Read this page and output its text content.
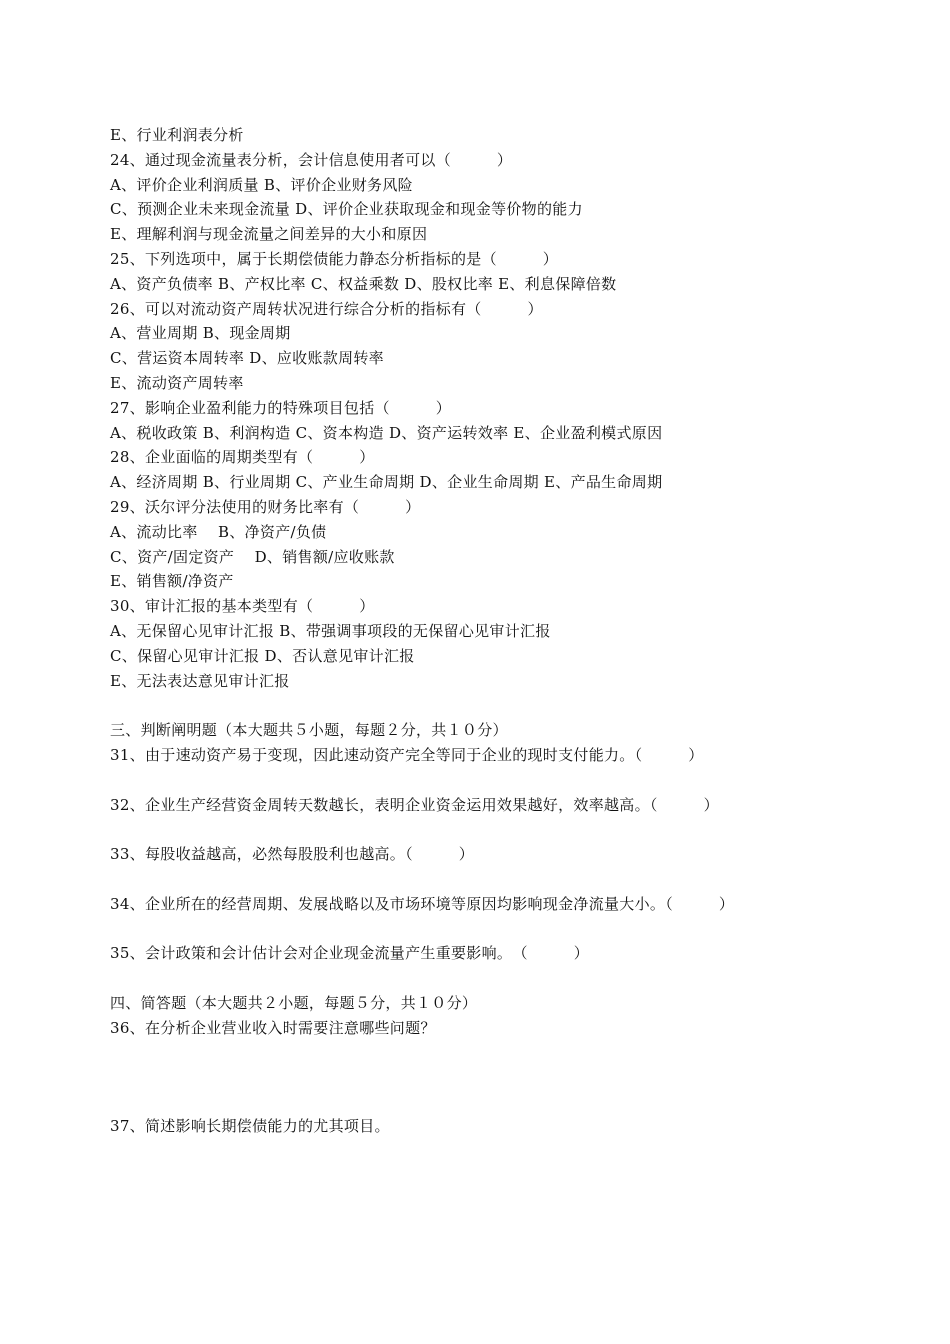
E、行业利润表分析
24、通过现金流量表分析，会计信息使用者可以（　　　）
A、评价企业利润质量 B、评价企业财务风险
C、预测企业未来现金流量 D、评价企业获取现金和现金等价物的能力
E、理解利润与现金流量之间差异的大小和原因
25、下列选项中，属于长期偿债能力静态分析指标的是（　　　）
A、资产负债率 B、产权比率 C、权益乘数 D、股权比率 E、利息保障倍数
26、可以对流动资产周转状况进行综合分析的指标有（　　　）
A、营业周期 B、现金周期
C、营运资本周转率 D、应收账款周转率
E、流动资产周转率
27、影响企业盈利能力的特殊项目包括（　　　）
A、税收政策 B、利润构造 C、资本构造 D、资产运转效率 E、企业盈利模式原因
28、企业面临的周期类型有（　　　）
A、经济周期 B、行业周期 C、产业生命周期 D、企业生命周期 E、产品生命周期
29、沃尔评分法使用的财务比率有（　　　）
A、流动比率　 B、净资产/负债
C、资产/固定资产　 D、销售额/应收账款
E、销售额/净资产
30、审计汇报的基本类型有（　　　）
A、无保留心见审计汇报 B、带强调事项段的无保留心见审计汇报
C、保留心见审计汇报 D、否认意见审计汇报
E、无法表达意见审计汇报
三、判断阐明题（本大题共５小题，每题２分，共１０分）
31、由于速动资产易于变现，因此速动资产完全等同于企业的现时支付能力。（　　　）
32、企业生产经营资金周转天数越长，表明企业资金运用效果越好，效率越高。（　　　）
33、每股收益越高，必然每股股利也越高。（　　　）
34、企业所在的经营周期、发展战略以及市场环境等原因均影响现金净流量大小。（　　　）
35、会计政策和会计估计会对企业现金流量产生重要影响。　（　　　）
四、简答题（本大题共２小题，每题５分，共１０分）
36、在分析企业营业收入时需要注意哪些问题？
37、简述影响长期偿债能力的尤其项目。
